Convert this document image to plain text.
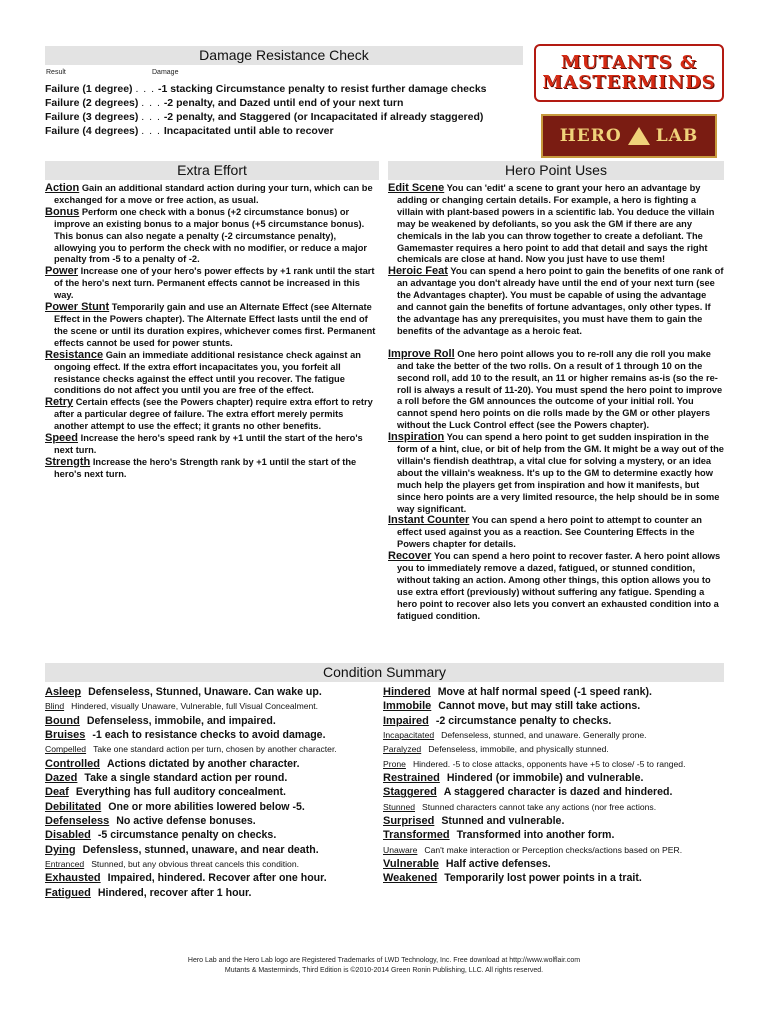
MUTANTS &
MASTERMINDS
HERO LAB
Damage Resistance Check
Result	Damage
Failure (1 degree) . . . -1 stacking Circumstance penalty to resist further damage checks
Failure (2 degrees) . . . -2 penalty, and Dazed until end of your next turn
Failure (3 degrees) . . . -2 penalty, and Staggered (or Incapacitated if already staggered)
Failure (4 degrees) . . . Incapacitated until able to recover
Extra Effort
Action Gain an additional standard action during your turn, which can be exchanged for a move or free action, as usual.
Bonus Perform one check with a bonus (+2 circumstance bonus) or improve an existing bonus to a major bonus (+5 circumstance bonus). This bonus can also negate a penalty (-2 circumstance penalty), allowying you to perform the check with no modifier, or reduce a major penalty from -5 to a penalty of -2.
Power Increase one of your hero's power effects by +1 rank until the start of the hero's next turn. Permanent effects cannot be increased in this way.
Power Stunt Temporarily gain and use an Alternate Effect (see Alternate Effect in the Powers chapter). The Alternate Effect lasts until the end of the scene or until its duration expires, whichever comes first. Permanent effects cannot be used for power stunts.
Resistance Gain an immediate additional resistance check against an ongoing effect. If the extra effort incapacitates you, you forfeit all resistance checks against the effect until you recover. The fatigue conditions do not affect you until you are free of the effect.
Retry Certain effects (see the Powers chapter) require extra effort to retry after a particular degree of failure. The extra effort merely permits another attempt to use the effect; it grants no other benefits.
Speed Increase the hero's speed rank by +1 until the start of the hero's next turn.
Strength Increase the hero's Strength rank by +1 until the start of the hero's next turn.
Hero Point Uses
Edit Scene You can 'edit' a scene to grant your hero an advantage by adding or changing certain details. For example, a hero is fighting a villain with plant-based powers in a scientific lab. You deduce the villain may be weakened by defoliants, so you ask the GM if there are any chemicals in the lab you can throw together to create a defoliant. The Gamemaster requires a hero point to add that detail and says the right chemicals are close at hand. Now you just have to use them!
Heroic Feat You can spend a hero point to gain the benefits of one rank of an advantage you don't already have until the end of your next turn (see the Advantages chapter). You must be capable of using the advantage and cannot gain the benefits of fortune advantages, only other types. If the advantage has any prerequisites, you must have them to gain the benefits of the advantage as a heroic feat.
Improve Roll One hero point allows you to re-roll any die roll you make and take the better of the two rolls. On a result of 1 through 10 on the second roll, add 10 to the result, an 11 or higher remains as-is (so the re-roll is always a result of 11-20). You must spend the hero point to improve a roll before the GM announces the outcome of your initial roll. You cannot spend hero points on die rolls made by the GM or other players without the Luck Control effect (see the Powers chapter).
Inspiration You can spend a hero point to get sudden inspiration in the form of a hint, clue, or bit of help from the GM. It might be a way out of the villain's fiendish deathtrap, a vital clue for solving a mystery, or an idea about the villain's weakness. It's up to the GM to determine exactly how much help the players get from inspiration and how it manifests, but since hero points are a very limited resource, the help should be in some way significant.
Instant Counter You can spend a hero point to attempt to counter an effect used against you as a reaction. See Countering Effects in the Powers chapter for details.
Recover You can spend a hero point to recover faster. A hero point allows you to immediately remove a dazed, fatigued, or stunned condition, without taking an action. Among other things, this option allows you to use extra effort (previously) without suffering any fatigue. Spending a hero point to recover also lets you convert an exhausted condition into a fatigued condition.
Condition Summary
Asleep Defenseless, Stunned, Unaware. Can wake up.
Blind Hindered, visually Unaware, Vulnerable, full Visual Concealment.
Bound Defenseless, immobile, and impaired.
Bruises -1 each to resistance checks to avoid damage.
Compelled Take one standard action per turn, chosen by another character.
Controlled Actions dictated by another character.
Dazed Take a single standard action per round.
Deaf Everything has full auditory concealment.
Debilitated One or more abilities lowered below -5.
Defenseless No active defense bonuses.
Disabled -5 circumstance penalty on checks.
Dying Defensless, stunned, unaware, and near death.
Entranced Stunned, but any obvious threat cancels this condition.
Exhausted Impaired, hindered. Recover after one hour.
Fatigued Hindered, recover after 1 hour.
Hindered Move at half normal speed (-1 speed rank).
Immobile Cannot move, but may still take actions.
Impaired -2 circumstance penalty to checks.
Incapacitated Defenseless, stunned, and unaware. Generally prone.
Paralyzed Defenseless, immobile, and physically stunned.
Prone Hindered. -5 to close attacks, opponents have +5 to close/ -5 to ranged.
Restrained Hindered (or immobile) and vulnerable.
Staggered A staggered character is dazed and hindered.
Stunned Stunned characters cannot take any actions (nor free actions.
Surprised Stunned and vulnerable.
Transformed Transformed into another form.
Unaware Can't make interaction or Perception checks/actions based on PER.
Vulnerable Half active defenses.
Weakened Temporarily lost power points in a trait.
Hero Lab and the Hero Lab logo are Registered Trademarks of LWD Technology, Inc. Free download at http://www.wolflair.com
Mutants & Masterminds, Third Edition is ©2010-2014 Green Ronin Publishing, LLC. All rights reserved.
